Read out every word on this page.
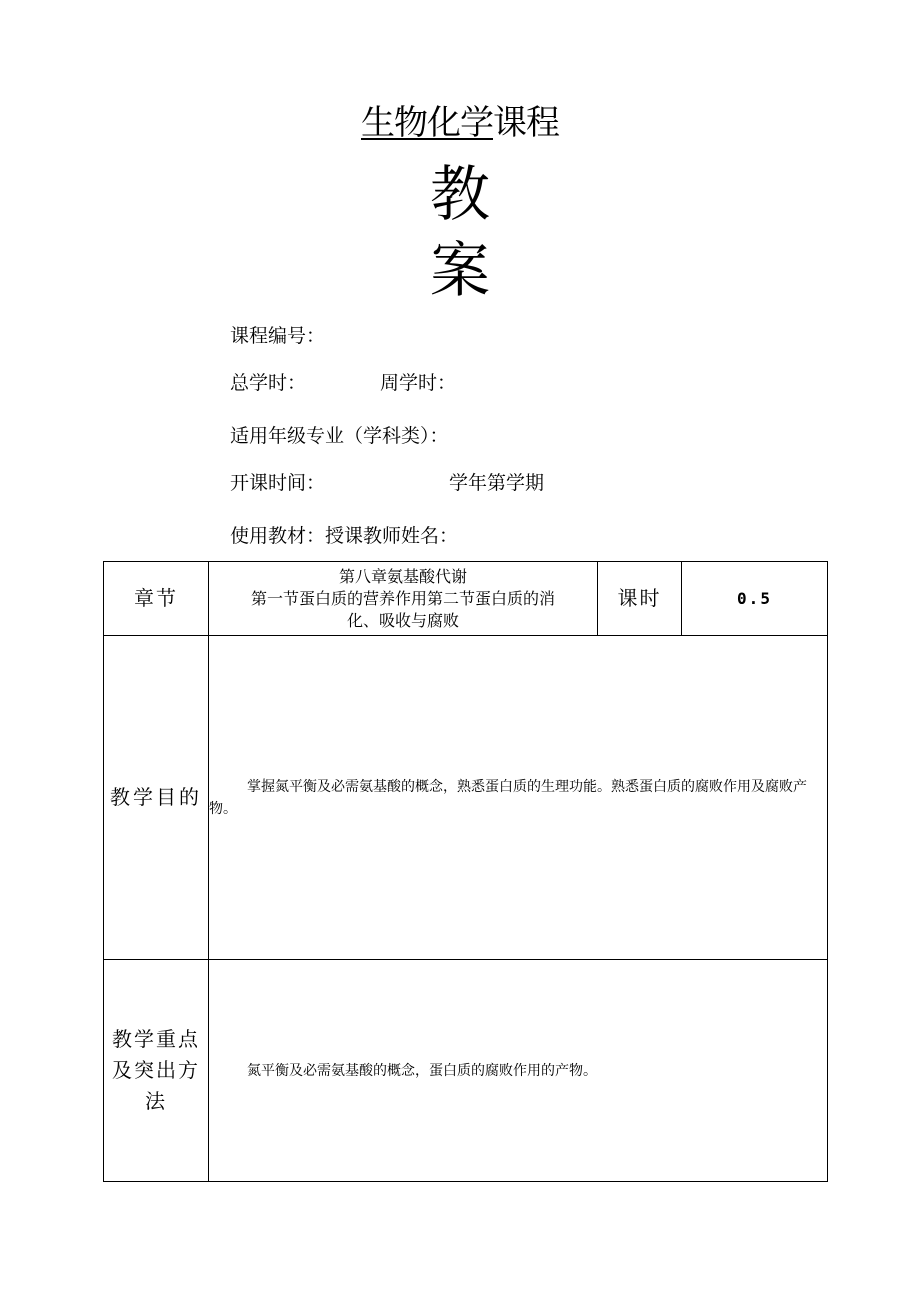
生物化学课程
教
案
课程编号：
总学时：	周学时：
适用年级专业（学科类）：
开课时间：	学年第学期
使用教材：授课教师姓名：
章节	第八章氨基酸代谢
第一节蛋白质的营养作用第二节蛋白质的消
化、吸收与腐败	课时	0.5
教学目的	掌握氮平衡及必需氨基酸的概念，熟悉蛋白质的生理功能。熟悉蛋白质的腐败作用及腐败产物。		

教学重点
及突出方
法	氮平衡及必需氨基酸的概念，蛋白质的腐败作用的产物。		
